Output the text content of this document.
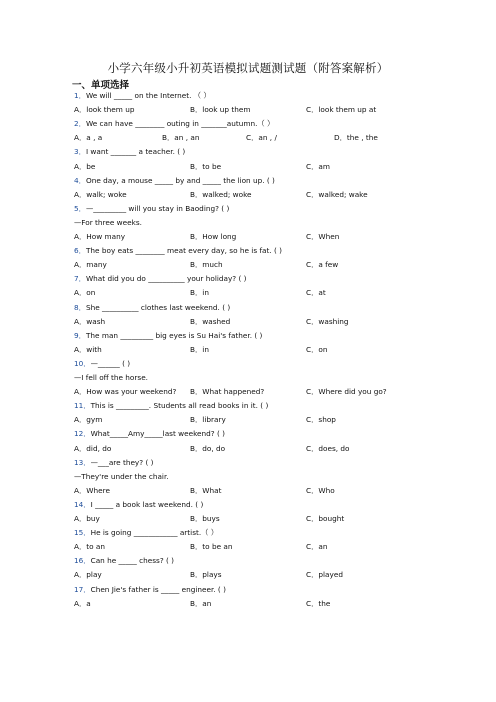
小学六年级小升初英语模拟试题测试题（附答案解析）
一、单项选择
1．We will _____ on the Internet. （ ）
A．look them up	B．look up them	C．look them up at
2．We can have ________ outing in _______autumn.（ ）
A．a , a	B．an , an	C．an , /	D．the , the
3．I want _______ a teacher. ( )
A．be	B．to be	C．am
4．One day, a mouse _____ by and _____ the lion up. ( )
A．walk; woke	B．walked; woke	C．walked; wake
5．—_________ will you stay in Baoding? ( )
—For three weeks.
A．How many	B．How long	C．When
6．The boy eats ________ meat every day, so he is fat. ( )
A．many	B．much	C．a few
7．What did you do __________ your holiday? ( )
A．on	B．in	C．at
8．She __________ clothes last weekend. ( )
A．wash	B．washed	C．washing
9．The man _________ big eyes is Su Hai's father. ( )
A．with	B．in	C．on
10．—______ ( )
—I fell off the horse.
A．How was your weekend? B．What happened?	C．Where did you go?
11．This is _________. Students all read books in it. ( )
A．gym	B．library	C．shop
12．What_____Amy_____last weekend? ( )
A．did, do	B．do, do	C．does, do
13．—___are they? ( )
—They're under the chair.
A．Where	B．What	C．Who
14．I _____ a book last weekend. ( )
A．buy	B．buys	C．bought
15．He is going ____________ artist.（ ）
A．to an	B．to be an	C．an
16．Can he _____ chess? ( )
A．play	B．plays	C．played
17．Chen Jie's father is _____ engineer. ( )
A．a	B．an	C．the
